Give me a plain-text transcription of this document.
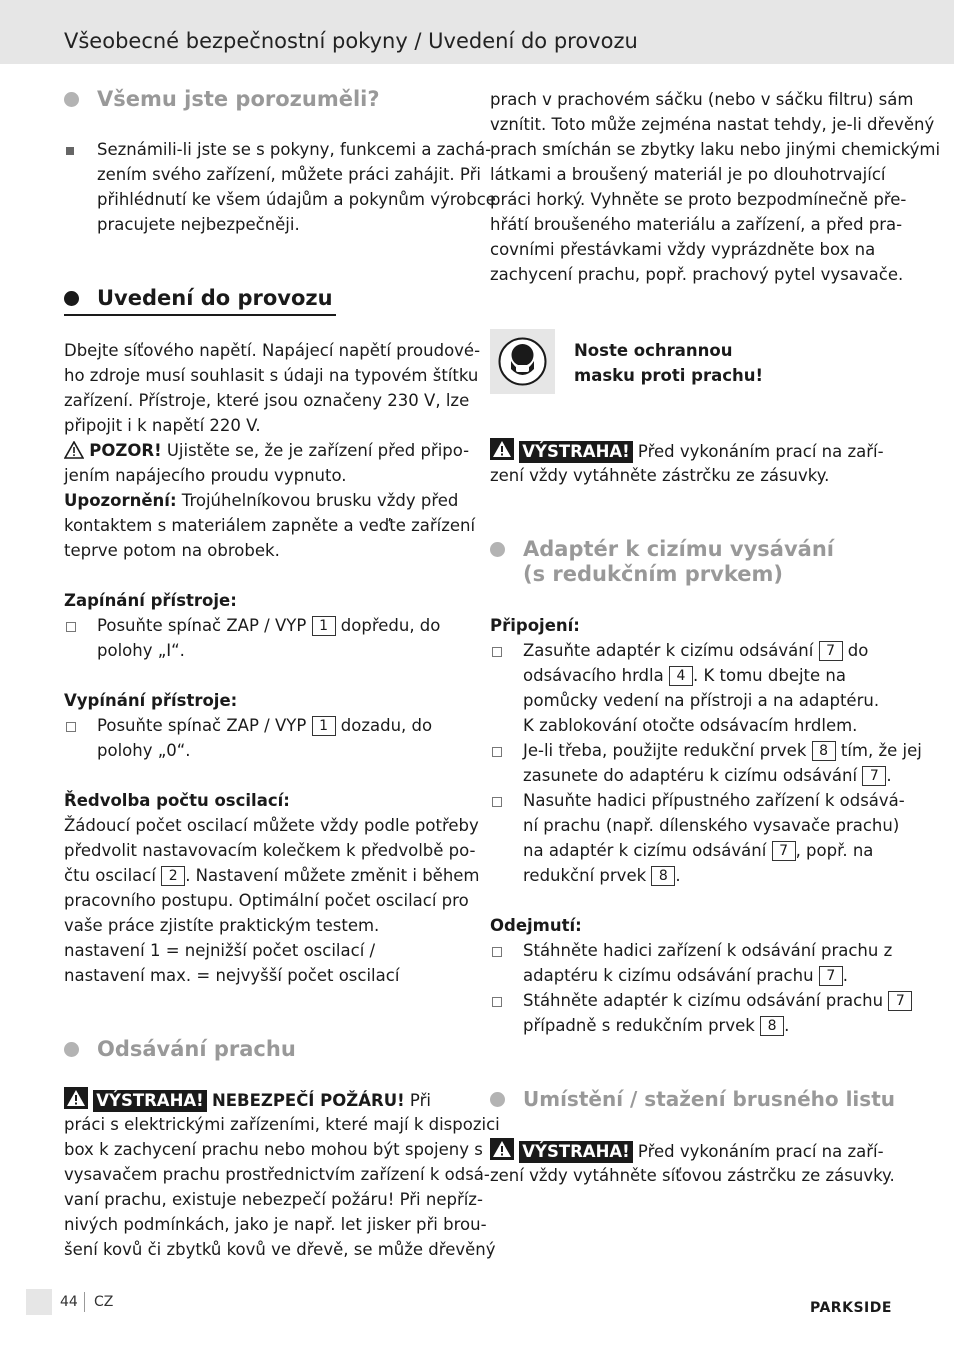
Všeobecné bezpečnostní pokyny / Uvedení do provozu
Všemu jste porozuměli?
Seznámili-li jste se s pokyny, funkcemi a zachá-
zením svého zařízení, můžete práci zahájit. Při
přihlédnutí ke všem údajům a pokynům výrobce
pracujete nejbezpečněji.
Uvedení do provozu
Dbejte síťového napětí. Napájecí napětí proudové-
ho zdroje musí souhlasit s údaji na typovém štítku
zařízení. Přístroje, které jsou označeny 230 V, lze
připojit i k napětí 220 V.
POZOR! Ujistěte se, že je zařízení před připo-
jením napájecího proudu vypnuto.
Upozornění: Trojúhelníkovou brusku vždy před
kontaktem s materiálem zapněte a veďte zařízení
teprve potom na obrobek.
Zapínání přístroje:
Posuňte spínač ZAP / VYP 1 dopředu, do
polohy „I“.
Vypínání přístroje:
Posuňte spínač ZAP / VYP 1 dozadu, do
polohy „0“.
Ředvolba počtu oscilací:
Žádoucí počet oscilací můžete vždy podle potřeby
předvolit nastavovacím kolečkem k předvolbě po-
čtu oscilací 2 . Nastavení můžete změnit i během
pracovního postupu. Optimální počet oscilací pro
vaše práce zjistíte praktickým testem.
nastavení 1 = nejnižší počet oscilací /
nastavení max. = nejvyšší počet oscilací
Odsávání prachu
VÝSTRAHA! NEBEZPEČÍ POŽÁRU! Při
práci s elektrickými zařízeními, které mají k dispozici
box k zachycení prachu nebo mohou být spojeny s
vysavačem prachu prostřednictvím zařízení k odsá-
vaní prachu, existuje nebezpečí požáru! Při nepříz-
nivých podmínkách, jako je např. let jisker při brou-
šení kovů či zbytků kovů ve dřevě, se může dřevěný
prach v prachovém sáčku (nebo v sáčku filtru) sám
vznítit. Toto může zejména nastat tehdy, je-li dřevěný
prach smíchán se zbytky laku nebo jinými chemickými
látkami a broušený materiál je po dlouhotrvající
práci horký. Vyhněte se proto bezpodmínečně pře-
hřátí broušeného materiálu a zařízení, a před pra-
covními přestávkami vždy vyprázdněte box na
zachycení prachu, popř. prachový pytel vysavače.
Noste ochrannou
masku proti prachu!
VÝSTRAHA! Před vykonáním prací na zaří-
zení vždy vytáhněte zástrčku ze zásuvky.
Adaptér k cizímu vysávání
(s redukčním prvkem)
Připojení:
Zasuňte adaptér k cizímu odsávání 7 do
odsávacího hrdla 4 . K tomu dbejte na
pomůcky vedení na přístroji a na adaptéru.
K zablokování otočte odsávacím hrdlem.
Je-li třeba, použijte redukční prvek 8 tím, že jej
zasunete do adaptéru k cizímu odsávání 7 .
Nasuňte hadici přípustného zařízení k odsává-
ní prachu (např. dílenského vysavače prachu)
na adaptér k cizímu odsávání 7 , popř. na
redukční prvek 8 .
Odejmutí:
Stáhněte hadici zařízení k odsávání prachu z
adaptéru k cizímu odsávání prachu 7 .
Stáhněte adaptér k cizímu odsávání prachu 7
případně s redukčním prvek 8 .
Umístění / stažení brusného listu
VÝSTRAHA! Před vykonáním prací na zaří-
zení vždy vytáhněte síťovou zástrčku ze zásuvky.
44 CZ	PARKSIDE
